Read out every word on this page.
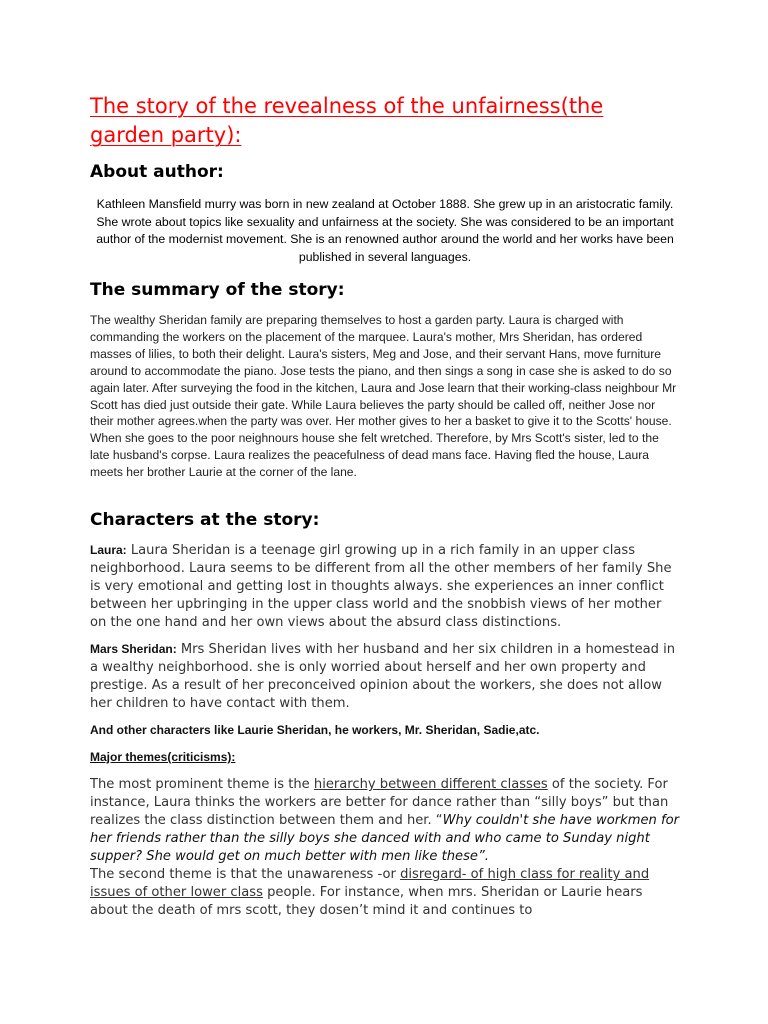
The story of the revealness of the unfairness(the garden party):
About author:

Kathleen Mansfield murry was born in new zealand at October 1888. She grew up in an aristocratic family. She wrote about topics like sexuality and unfairness at the society. She was considered to be an important author of the modernist movement. She is an renowned author around the world and her works have been published in several languages.

The summary of the story:

The wealthy Sheridan family are preparing themselves to host a garden party. Laura is charged with commanding the workers on the placement of the marquee. Laura's mother, Mrs Sheridan, has ordered masses of lilies, to both their delight. Laura's sisters, Meg and Jose, and their servant Hans, move furniture around to accommodate the piano. Jose tests the piano, and then sings a song in case she is asked to do so again later. After surveying the food in the kitchen, Laura and Jose learn that their working-class neighbour Mr Scott has died just outside their gate. While Laura believes the party should be called off, neither Jose nor their mother agrees.when the party was over. Her mother gives to her a basket to give it to the Scotts' house. When she goes to the poor neighnours house she felt wretched. Therefore, by Mrs Scott's sister, led to the late husband's corpse. Laura realizes the peacefulness of dead mans face. Having fled the house, Laura meets her brother Laurie at the corner of the lane.

Characters at the story:

Laura: Laura Sheridan is a teenage girl growing up in a rich family in an upper class neighborhood. Laura seems to be different from all the other members of her family She is very emotional and getting lost in thoughts always. she experiences an inner conflict between her upbringing in the upper class world and the snobbish views of her mother on the one hand and her own views about the absurd class distinctions.

Mars Sheridan: Mrs Sheridan lives with her husband and her six children in a homestead in a wealthy neighborhood. she is only worried about herself and her own property and prestige. As a result of her preconceived opinion about the workers, she does not allow her children to have contact with them.

And other characters like Laurie Sheridan, he workers, Mr. Sheridan, Sadie,atc.

Major themes(criticisms):

The most prominent theme is the hierarchy between different classes of the society. For instance, Laura thinks the workers are better for dance rather than “silly boys” but than realizes the class distinction between them and her. “Why couldn't she have workmen for her friends rather than the silly boys she danced with and who came to Sunday night supper? She would get on much better with men like these”.
The second theme is that the unawareness -or disregard- of high class for reality and issues of other lower class people. For instance, when mrs. Sheridan or Laurie hears about the death of mrs scott, they dosen’t mind it and continues to
